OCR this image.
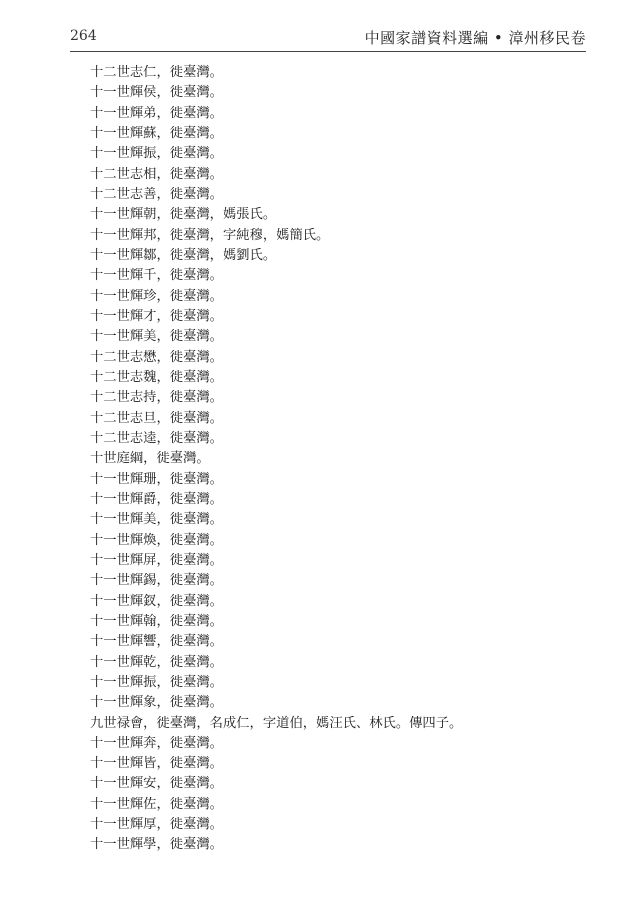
264	中國家譜資料選編 • 漳州移民卷
十二世志仁，徙臺灣。
十一世輝侯，徙臺灣。
十一世輝弟，徙臺灣。
十一世輝蘇，徙臺灣。
十一世輝振，徙臺灣。
十二世志相，徙臺灣。
十二世志善，徙臺灣。
十一世輝朝，徙臺灣，媽張氏。
十一世輝邦，徙臺灣，字純穆，媽簡氏。
十一世輝鄒，徙臺灣，媽劉氏。
十一世輝千，徙臺灣。
十一世輝珍，徙臺灣。
十一世輝才，徙臺灣。
十一世輝美，徙臺灣。
十二世志懋，徙臺灣。
十二世志魏，徙臺灣。
十二世志持，徙臺灣。
十二世志旦，徙臺灣。
十二世志逵，徙臺灣。
十世庭綱，徙臺灣。
十一世輝珊，徙臺灣。
十一世輝爵，徙臺灣。
十一世輝美，徙臺灣。
十一世輝煥，徙臺灣。
十一世輝屏，徙臺灣。
十一世輝錫，徙臺灣。
十一世輝釵，徙臺灣。
十一世輝翰，徙臺灣。
十一世輝響，徙臺灣。
十一世輝乾，徙臺灣。
十一世輝振，徙臺灣。
十一世輝象，徙臺灣。
九世禄會，徙臺灣，名成仁，字道伯，媽汪氏、林氏。傳四子。
十一世輝奔，徙臺灣。
十一世輝皆，徙臺灣。
十一世輝安，徙臺灣。
十一世輝佐，徙臺灣。
十一世輝厚，徙臺灣。
十一世輝學，徙臺灣。
